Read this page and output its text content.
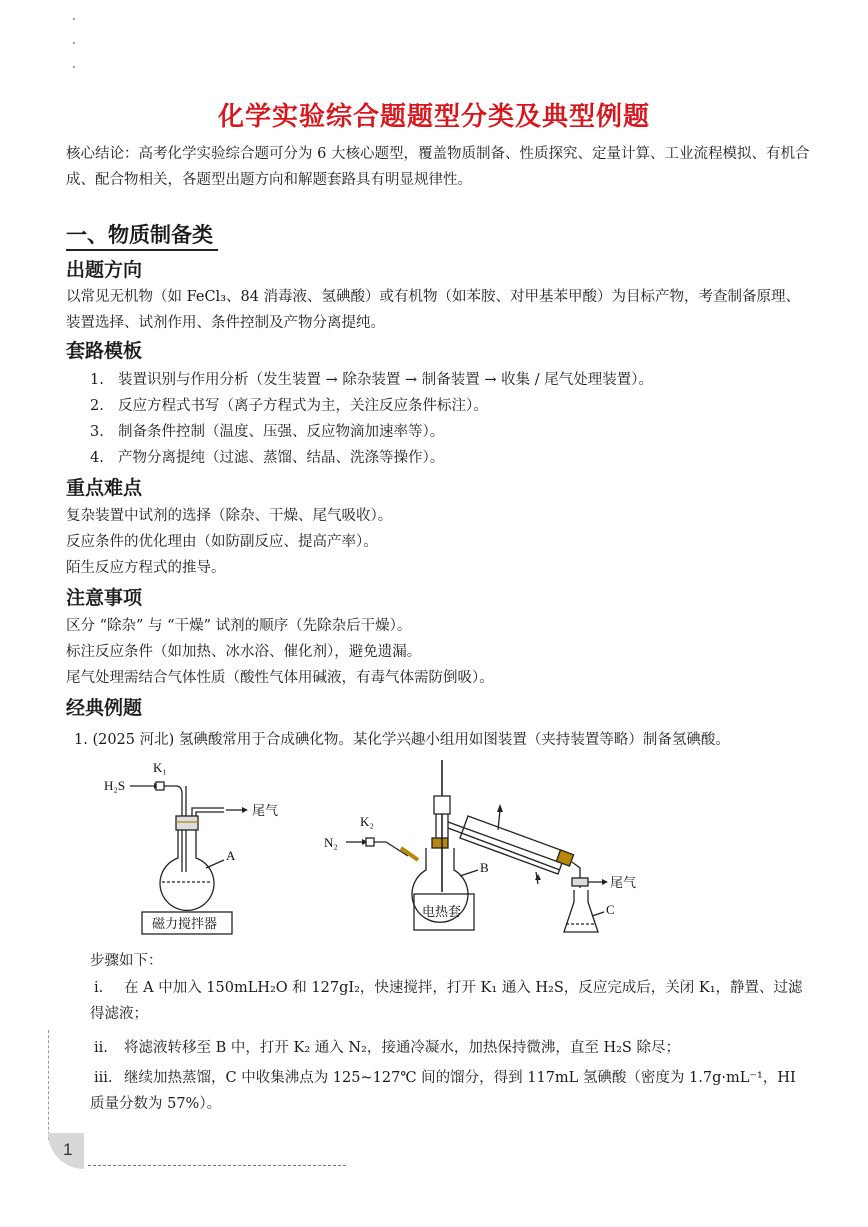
化学实验综合题题型分类及典型例题

核心结论：高考化学实验综合题可分为 6 大核心题型，覆盖物质制备、性质探究、定量计算、工业流程模拟、有机合成、配合物相关，各题型出题方向和解题套路具有明显规律性。

一、物质制备类
出题方向

以常见无机物（如 FeCl₃、84 消毒液、氢碘酸）或有机物（如苯胺、对甲基苯甲酸）为目标产物，考查制备原理、装置选择、试剂作用、条件控制及产物分离提纯。

套路模板
1. 装置识别与作用分析（发生装置 → 除杂装置 → 制备装置 → 收集 / 尾气处理装置）。
2. 反应方程式书写（离子方程式为主，关注反应条件标注）。
3. 制备条件控制（温度、压强、反应物滴加速率等）。
4. 产物分离提纯（过滤、蒸馏、结晶、洗涤等操作）。
重点难点
复杂装置中试剂的选择（除杂、干燥、尾气吸收）。
反应条件的优化理由（如防副反应、提高产率）。
陌生反应方程式的推导。
注意事项
区分 “除杂” 与 “干燥” 试剂的顺序（先除杂后干燥）。
标注反应条件（如加热、冰水浴、催化剂），避免遗漏。
尾气处理需结合气体性质（酸性气体用碱液，有毒气体需防倒吸）。
经典例题
1. (2025 河北) 氢碘酸常用于合成碘化物。某化学兴趣小组用如图装置（夹持装置等略）制备氢碘酸。
H₂S
K₁
尾气
A
磁力搅拌器
N₂
K₂
B
电热套
尾气
C
步骤如下：

ⅰ. 在 A 中加入 150mLH₂O 和 127gI₂，快速搅拌，打开 K₁ 通入 H₂S，反应完成后，关闭 K₁，静置、过滤得滤液；

ⅱ. 将滤液转移至 B 中，打开 K₂ 通入 N₂，接通冷凝水，加热保持微沸，直至 H₂S 除尽；

ⅲ. 继续加热蒸馏，C 中收集沸点为 125~127℃ 间的馏分，得到 117mL 氢碘酸（密度为 1.7g·mL⁻¹，HI 质量分数为 57%）。

1
